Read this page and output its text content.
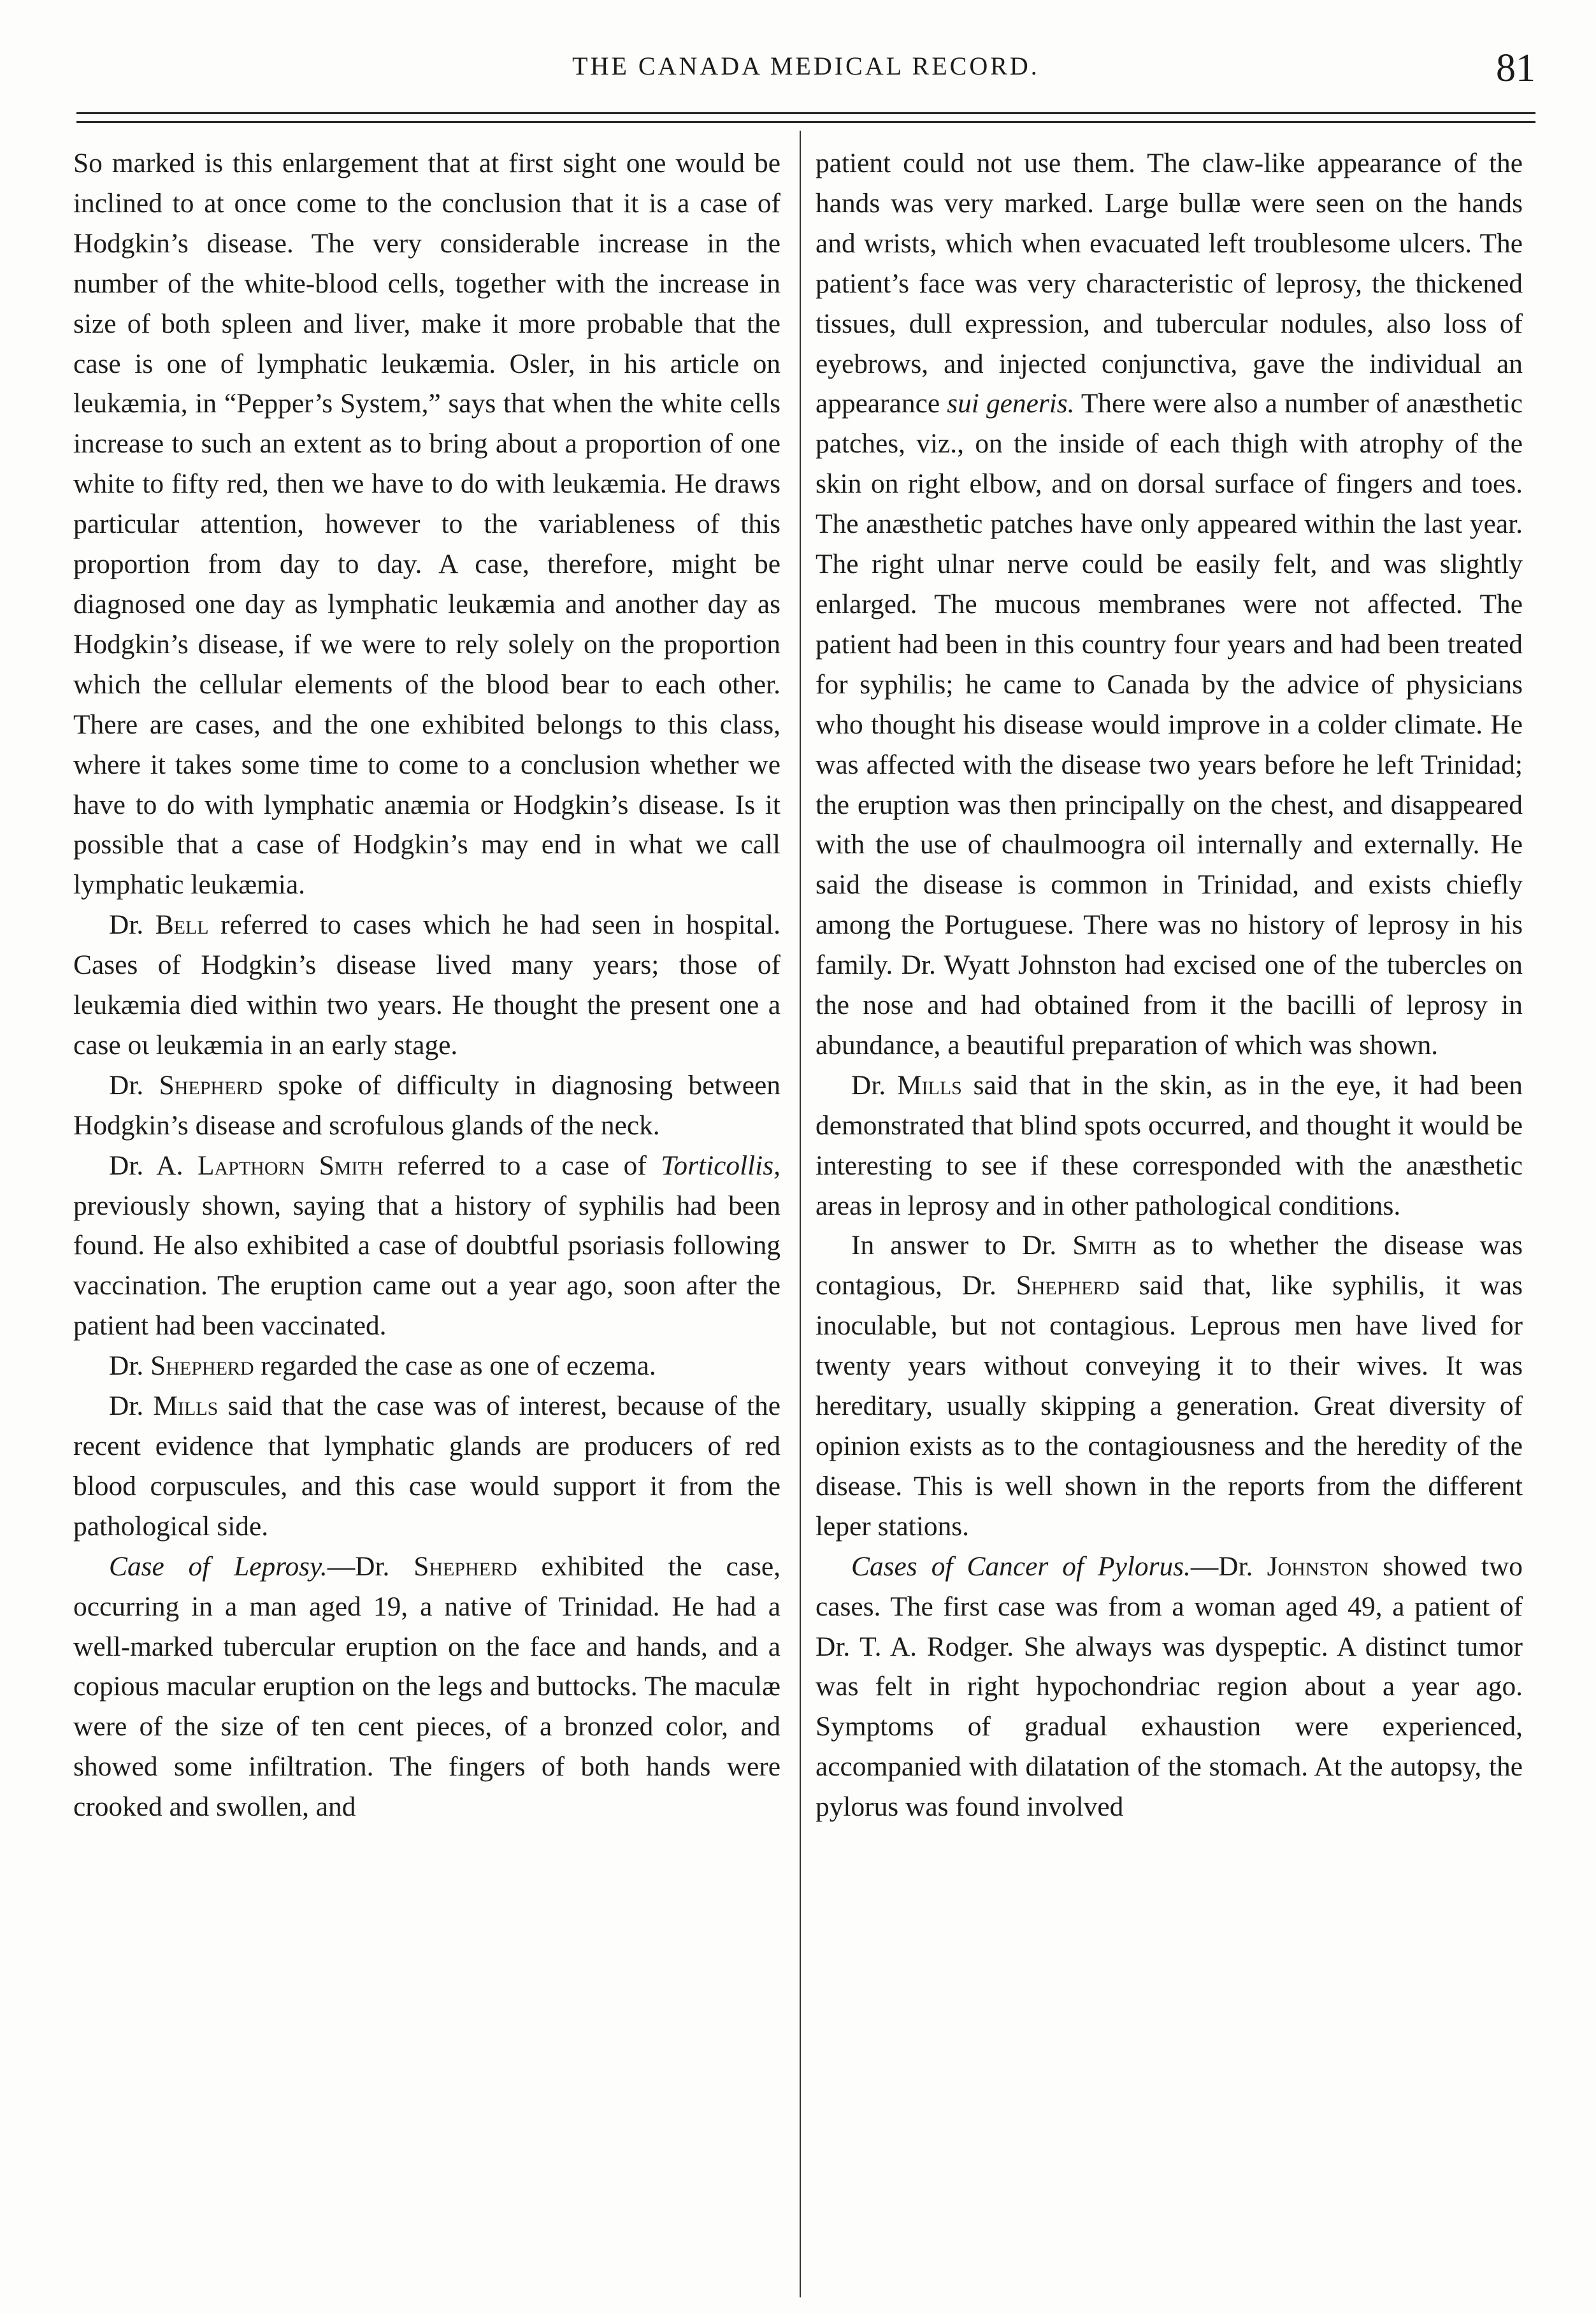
THE CANADA MEDICAL RECORD.	81

So marked is this enlargement that at first sight one would be inclined to at once come to the conclusion that it is a case of Hodgkin’s disease. The very considerable increase in the number of the white-blood cells, together with the increase in size of both spleen and liver, make it more probable that the case is one of lymphatic leukæmia. Osler, in his article on leukæmia, in “Pepper’s System,” says that when the white cells increase to such an extent as to bring about a proportion of one white to fifty red, then we have to do with leukæmia. He draws particular attention, however to the variableness of this proportion from day to day. A case, therefore, might be diagnosed one day as lymphatic leukæmia and another day as Hodgkin’s disease, if we were to rely solely on the proportion which the cellular elements of the blood bear to each other. There are cases, and the one exhibited belongs to this class, where it takes some time to come to a conclusion whether we have to do with lymphatic anæmia or Hodgkin’s disease. Is it possible that a case of Hodgkin’s may end in what we call lymphatic leukæmia.

Dr. Bell referred to cases which he had seen in hospital. Cases of Hodgkin’s disease lived many years; those of leukæmia died within two years. He thought the present one a case oɩ leukæmia in an early stage.

Dr. Shepherd spoke of difficulty in diagnosing between Hodgkin’s disease and scrofulous glands of the neck.

Dr. A. Lapthorn Smith referred to a case of Torticollis, previously shown, saying that a history of syphilis had been found. He also exhibited a case of doubtful psoriasis following vaccination. The eruption came out a year ago, soon after the patient had been vaccinated.

Dr. Shepherd regarded the case as one of eczema.

Dr. Mills said that the case was of interest, because of the recent evidence that lymphatic glands are producers of red blood corpuscules, and this case would support it from the pathological side.

Case of Leprosy.—Dr. Shepherd exhibited the case, occurring in a man aged 19, a native of Trinidad. He had a well-marked tubercular eruption on the face and hands, and a copious macular eruption on the legs and buttocks. The maculæ were of the size of ten cent pieces, of a bronzed color, and showed some infiltration. The fingers of both hands were crooked and swollen, and

patient could not use them. The claw-like appearance of the hands was very marked. Large bullæ were seen on the hands and wrists, which when evacuated left troublesome ulcers. The patient’s face was very characteristic of leprosy, the thickened tissues, dull expression, and tubercular nodules, also loss of eyebrows, and injected conjunctiva, gave the individual an appearance sui generis. There were also a number of anæsthetic patches, viz., on the inside of each thigh with atrophy of the skin on right elbow, and on dorsal surface of fingers and toes. The anæsthetic patches have only appeared within the last year. The right ulnar nerve could be easily felt, and was slightly enlarged. The mucous membranes were not affected. The patient had been in this country four years and had been treated for syphilis; he came to Canada by the advice of physicians who thought his disease would improve in a colder climate. He was affected with the disease two years before he left Trinidad; the eruption was then principally on the chest, and disappeared with the use of chaulmoogra oil internally and externally. He said the disease is common in Trinidad, and exists chiefly among the Portuguese. There was no history of leprosy in his family. Dr. Wyatt Johnston had excised one of the tubercles on the nose and had obtained from it the bacilli of leprosy in abundance, a beautiful preparation of which was shown.

Dr. Mills said that in the skin, as in the eye, it had been demonstrated that blind spots occurred, and thought it would be interesting to see if these corresponded with the anæsthetic areas in leprosy and in other pathological conditions.

In answer to Dr. Smith as to whether the disease was contagious, Dr. Shepherd said that, like syphilis, it was inoculable, but not contagious. Leprous men have lived for twenty years without conveying it to their wives. It was hereditary, usually skipping a generation. Great diversity of opinion exists as to the contagiousness and the heredity of the disease. This is well shown in the reports from the different leper stations.

Cases of Cancer of Pylorus.—Dr. Johnston showed two cases. The first case was from a woman aged 49, a patient of Dr. T. A. Rodger. She always was dyspeptic. A distinct tumor was felt in right hypochondriac region about a year ago. Symptoms of gradual exhaustion were experienced, accompanied with dilatation of the stomach. At the autopsy, the pylorus was found involved
